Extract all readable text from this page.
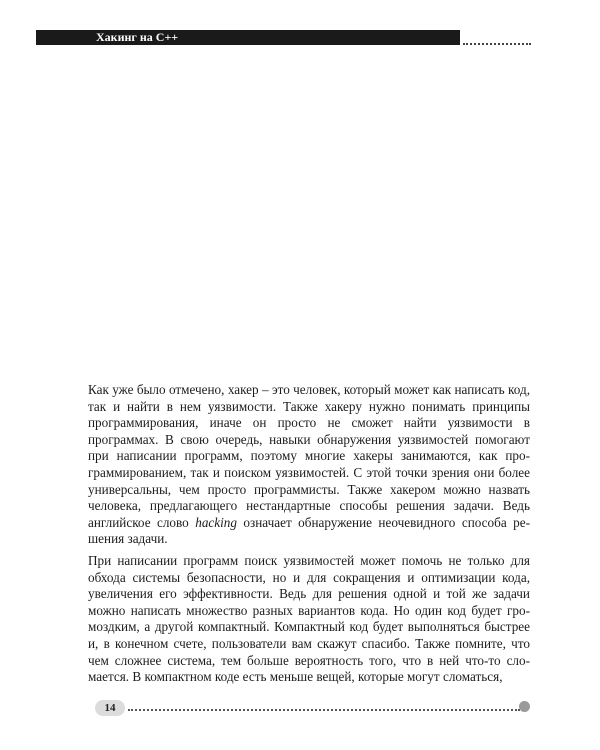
Хакинг на С++

Как уже было отмечено, хакер – это человек, который может как написать код, так и найти в нем уязвимости. Также хакеру нужно понимать принципы программирования, иначе он просто не сможет найти уязвимости в программах. В свою очередь, навыки обнаружения уязвимостей помогают при написании программ, поэтому многие хакеры занимаются, как программированием, так и поиском уязвимостей. С этой точки зрения они более универсальны, чем просто программисты. Также хакером можно назвать человека, предлагающего нестандартные способы решения задачи. Ведь английское слово hacking означает обнаружение неочевидного способа решения задачи.

При написании программ поиск уязвимостей может помочь не только для обхода системы безопасности, но и для сокращения и оптимизации кода, увеличения его эффективности. Ведь для решения одной и той же задачи можно написать множество разных вариантов кода. Но один код будет громоздким, а другой компактный. Компактный код будет выполняться быстрее и, в конечном счете, пользователи вам скажут спасибо. Также помните, что чем сложнее система, тем больше вероятность того, что в ней что-то сломается. В компактном коде есть меньше вещей, которые могут сломаться,

14
